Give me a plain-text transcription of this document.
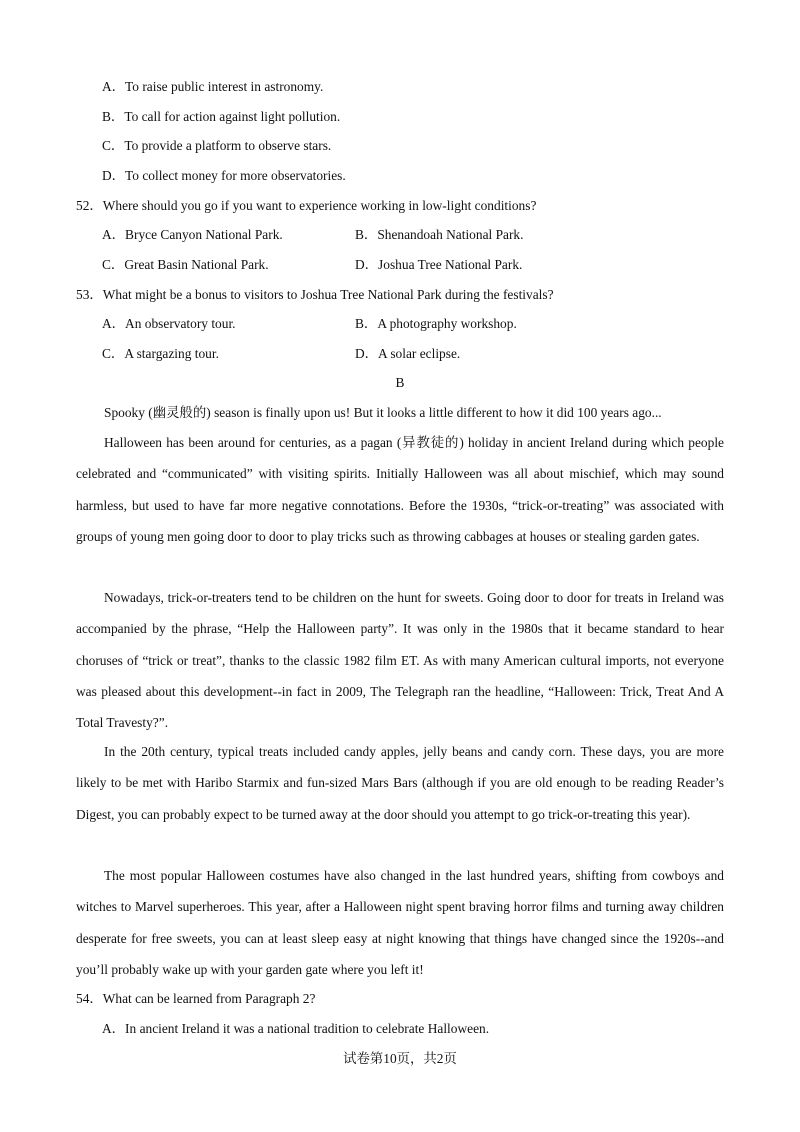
A．To raise public interest in astronomy.
B．To call for action against light pollution.
C．To provide a platform to observe stars.
D．To collect money for more observatories.
52．Where should you go if you want to experience working in low-light conditions?
A．Bryce Canyon National Park.	B．Shenandoah National Park.
C．Great Basin National Park.	D．Joshua Tree National Park.
53．What might be a bonus to visitors to Joshua Tree National Park during the festivals?
A．An observatory tour.	B．A photography workshop.
C．A stargazing tour.	D．A solar eclipse.
B

Spooky (幽灵般的) season is finally upon us! But it looks a little different to how it did 100 years ago...

Halloween has been around for centuries, as a pagan (异教徒的) holiday in ancient Ireland during which people celebrated and “communicated” with visiting spirits. Initially Halloween was all about mischief, which may sound harmless, but used to have far more negative connotations. Before the 1930s, “trick-or-treating” was associated with groups of young men going door to door to play tricks such as throwing cabbages at houses or stealing garden gates.

Nowadays, trick-or-treaters tend to be children on the hunt for sweets. Going door to door for treats in Ireland was accompanied by the phrase, “Help the Halloween party”. It was only in the 1980s that it became standard to hear choruses of “trick or treat”, thanks to the classic 1982 film ET. As with many American cultural imports, not everyone was pleased about this development--in fact in 2009, The Telegraph ran the headline, “Halloween: Trick, Treat And A Total Travesty?”.

In the 20th century, typical treats included candy apples, jelly beans and candy corn. These days, you are more likely to be met with Haribo Starmix and fun-sized Mars Bars (although if you are old enough to be reading Reader’s Digest, you can probably expect to be turned away at the door should you attempt to go trick-or-treating this year).

The most popular Halloween costumes have also changed in the last hundred years, shifting from cowboys and witches to Marvel superheroes. This year, after a Halloween night spent braving horror films and turning away children desperate for free sweets, you can at least sleep easy at night knowing that things have changed since the 1920s--and you’ll probably wake up with your garden gate where you left it!

54．What can be learned from Paragraph 2?
A．In ancient Ireland it was a national tradition to celebrate Halloween.
试卷第10页，共2页
